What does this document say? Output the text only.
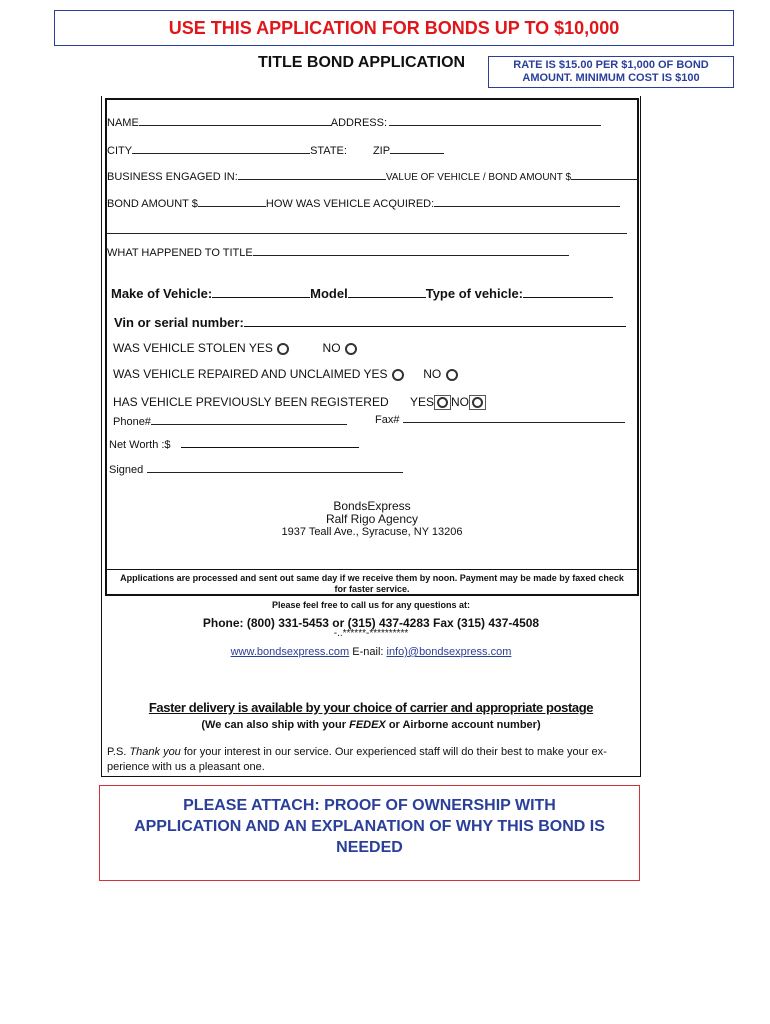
USE THIS APPLICATION FOR BONDS UP TO $10,000
TITLE BOND APPLICATION	RATE IS $15.00 PER $1,000 OF BOND
AMOUNT. MINIMUM COST IS $100
NAME	ADDRESS:
CITY	STATE: ZIP
BUSINESS ENGAGED IN:	VALUE OF VEHICLE / BOND AMOUNT $
BOND AMOUNT $	HOW WAS VEHICLE ACQUIRED:
WHAT HAPPENED TO TITLE
Make of Vehicle:	Model	Type of vehicle:
Vin or serial number:
WAS VEHICLE STOLEN YES	NO
WAS VEHICLE REPAIRED AND UNCLAIMED YES	NO
HAS VEHICLE PREVIOUSLY BEEN REGISTERED YES NO
Phone#	Fax#
Net Worth :$
Signed
BondsExpress
Ralf Rigo Agency
1937 Teall Ave., Syracuse, NY 13206
Applications are processed and sent out same day if we receive them by noon. Payment may be made by faxed check
for faster service.
Please feel free to call us for any questions at:
Phone: (800) 331-5453 or (315) 437-4283 Fax (315) 437-4508
-..******-**********
www.bondsexpress.com E-nail: info)@bondsexpress.com
Faster delivery is available by your choice of carrier and appropriate postage
(We can also ship with your FEDEX or Airborne account number)
P.S. Thank you for your interest in our service. Our experienced staff will do their best to make your ex-
perience with us a pleasant one.
PLEASE ATTACH: PROOF OF OWNERSHIP WITH
APPLICATION AND AN EXPLANATION OF WHY THIS BOND IS
NEEDED
